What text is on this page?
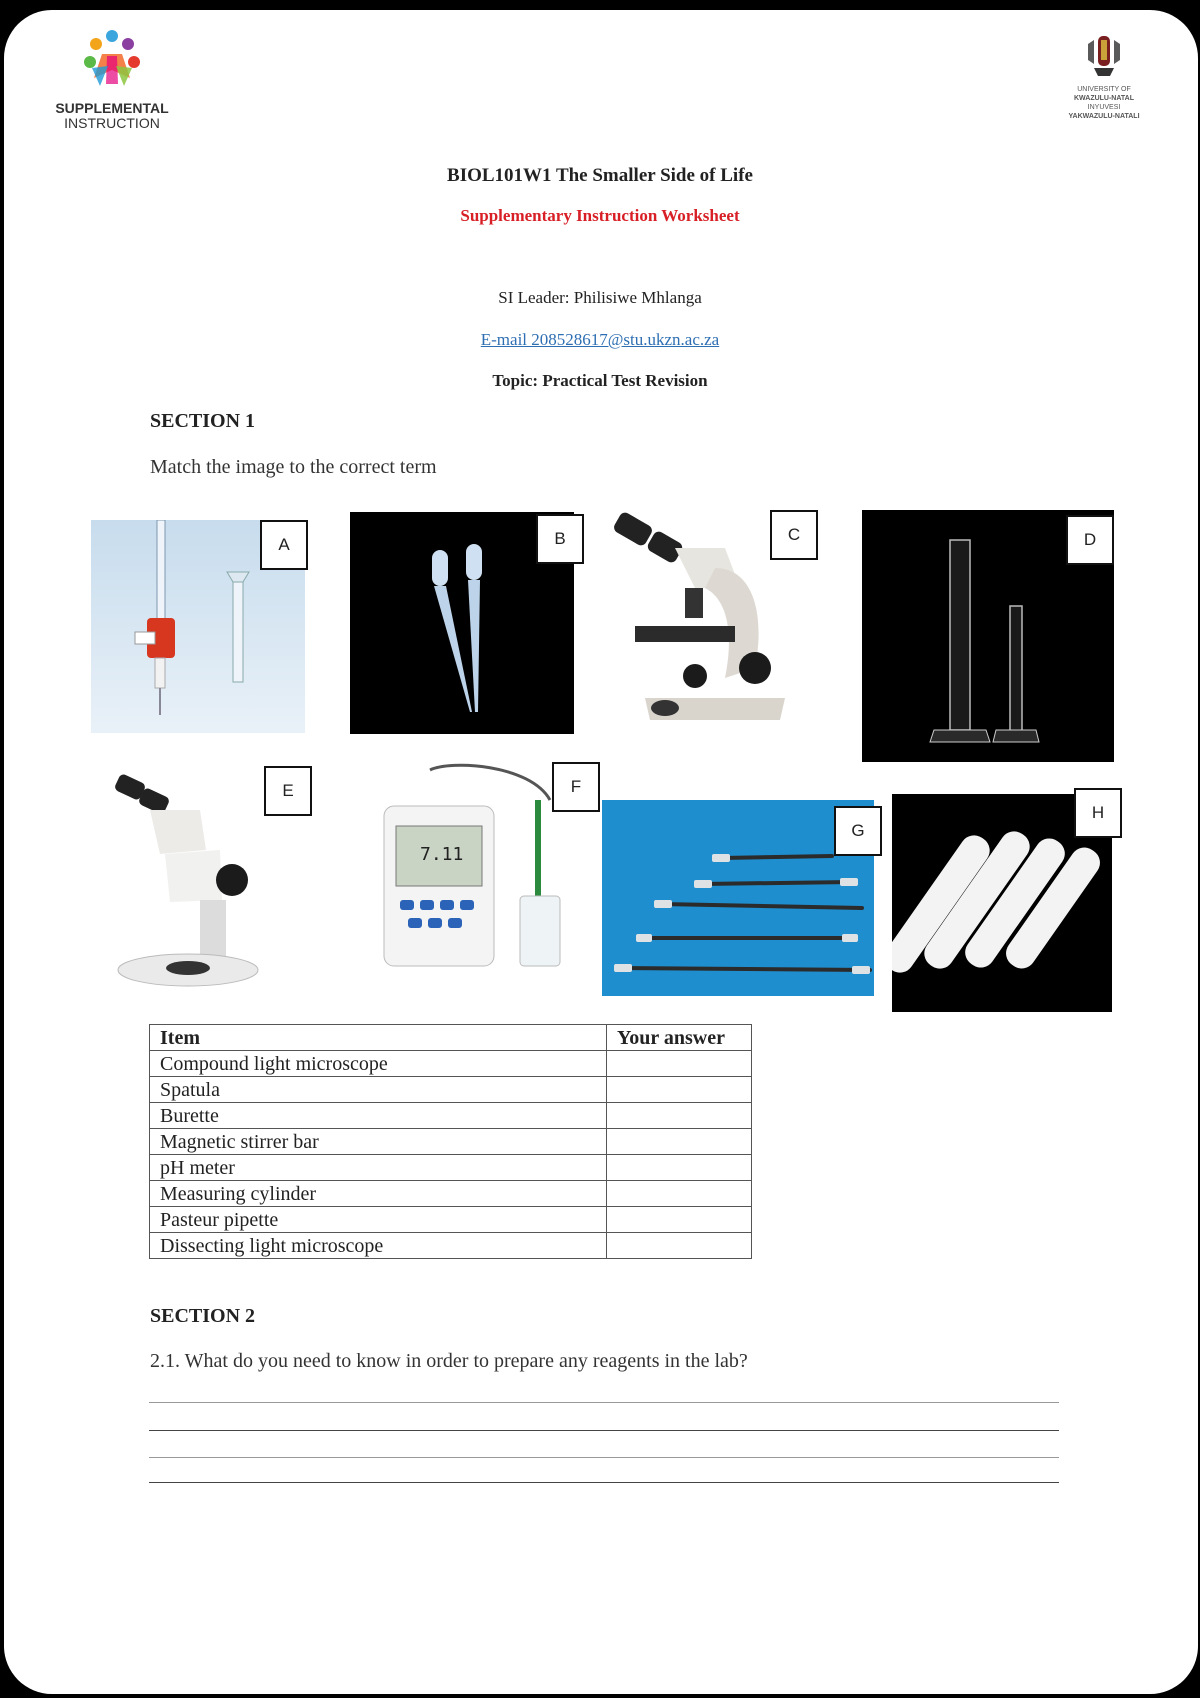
SUPPLEMENTAL
INSTRUCTION
UNIVERSITY OF
KWAZULU-NATAL
INYUVESI
YAKWAZULU-NATALI
BIOL101W1 The Smaller Side of Life
Supplementary Instruction Worksheet
SI Leader: Philisiwe Mhlanga
E-mail 208528617@stu.ukzn.ac.za
Topic: Practical Test Revision
SECTION 1
Match the image to the correct term
A	B	C	D
E
7.11
F
G
H
Item	Your answer
Compound light microscope	
Spatula	
Burette	
Magnetic stirrer bar	
pH meter	
Measuring cylinder	
Pasteur pipette	
Dissecting light microscope	
SECTION 2
2.1. What do you need to know in order to prepare any reagents in the lab?
